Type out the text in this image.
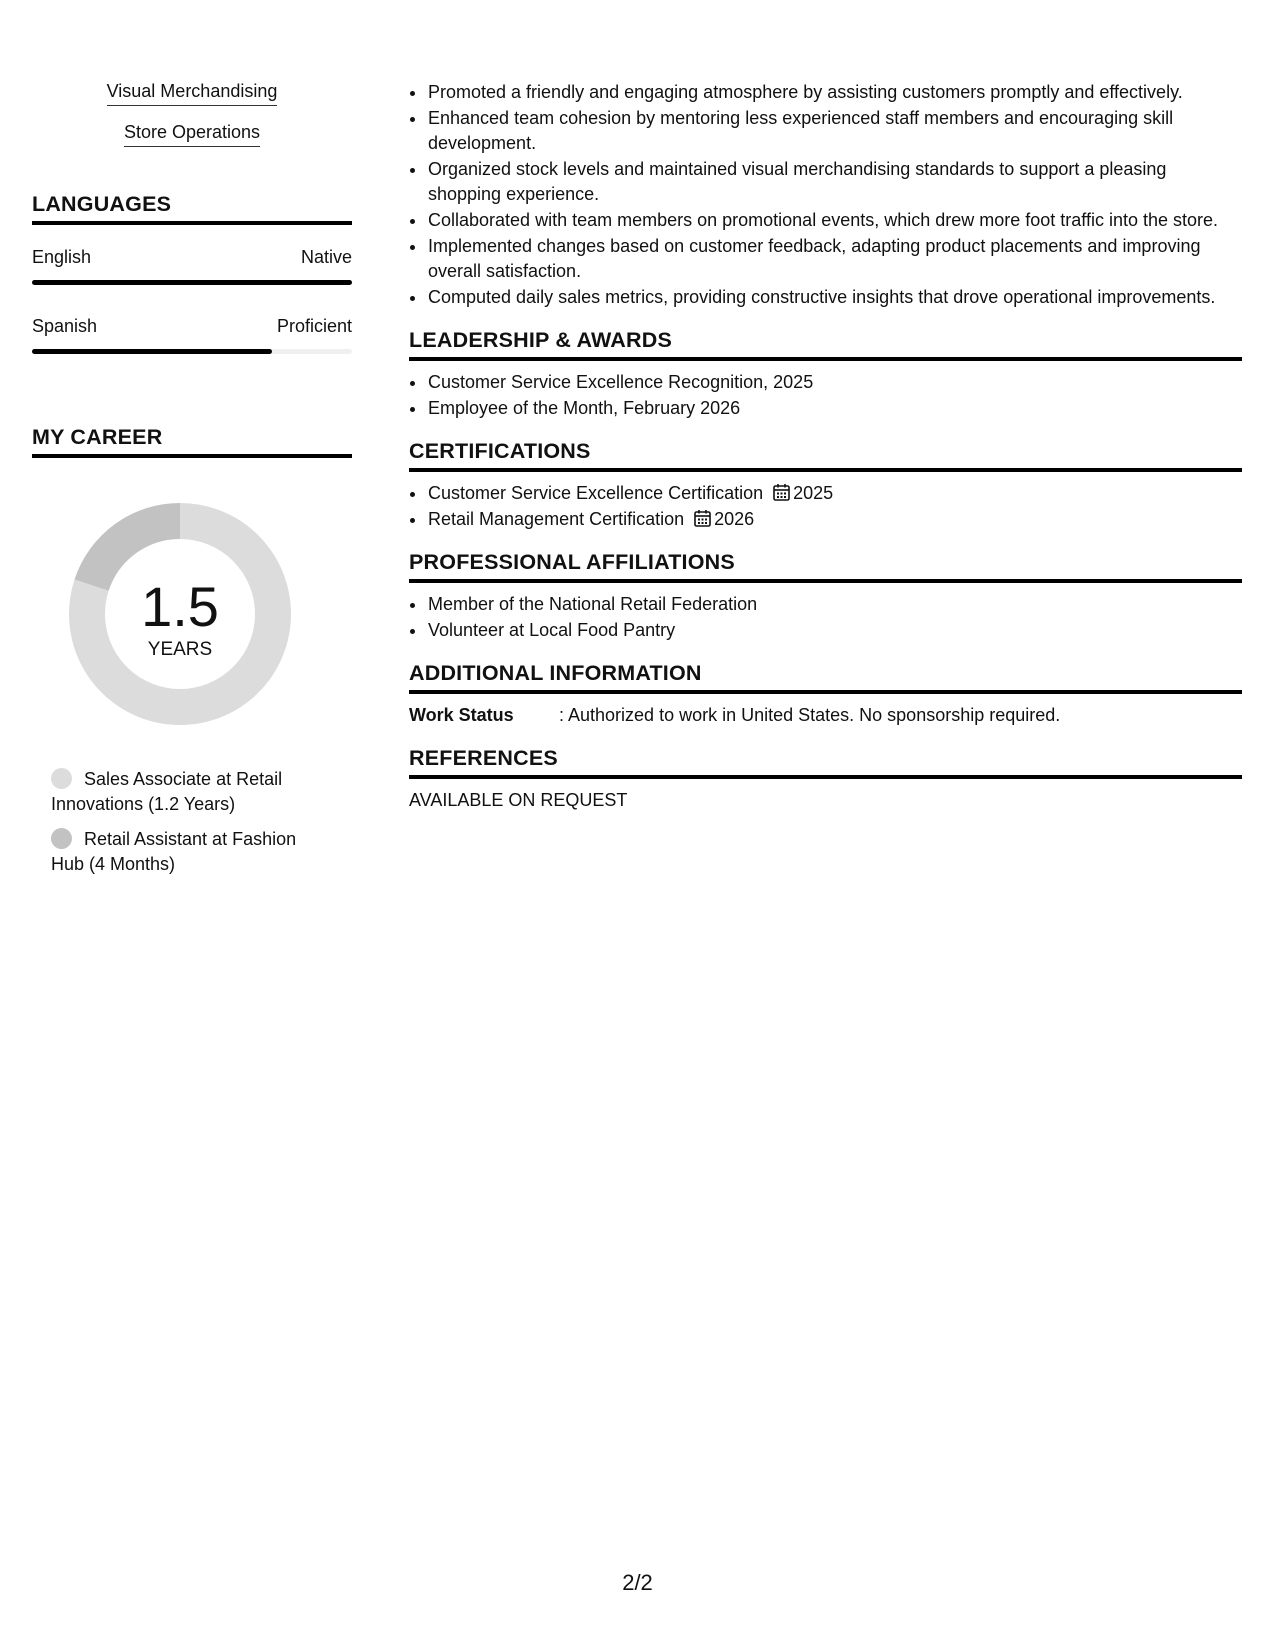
Visual Merchandising
Store Operations
LANGUAGES
English	Native
Spanish	Proficient
MY CAREER
1.5
YEARS
Sales Associate at Retail Innovations (1.2 Years)
Retail Assistant at Fashion Hub (4 Months)
• Promoted a friendly and engaging atmosphere by assisting customers promptly and effectively.
• Enhanced team cohesion by mentoring less experienced staff members and encouraging skill development.
• Organized stock levels and maintained visual merchandising standards to support a pleasing shopping experience.
• Collaborated with team members on promotional events, which drew more foot traffic into the store.
• Implemented changes based on customer feedback, adapting product placements and improving overall satisfaction.
• Computed daily sales metrics, providing constructive insights that drove operational improvements.
LEADERSHIP & AWARDS
• Customer Service Excellence Recognition, 2025
• Employee of the Month, February 2026
CERTIFICATIONS
• Customer Service Excellence Certification 2025
• Retail Management Certification 2026
PROFESSIONAL AFFILIATIONS
• Member of the National Retail Federation
• Volunteer at Local Food Pantry
ADDITIONAL INFORMATION
Work Status	: Authorized to work in United States. No sponsorship required.
REFERENCES
AVAILABLE ON REQUEST
2/2
